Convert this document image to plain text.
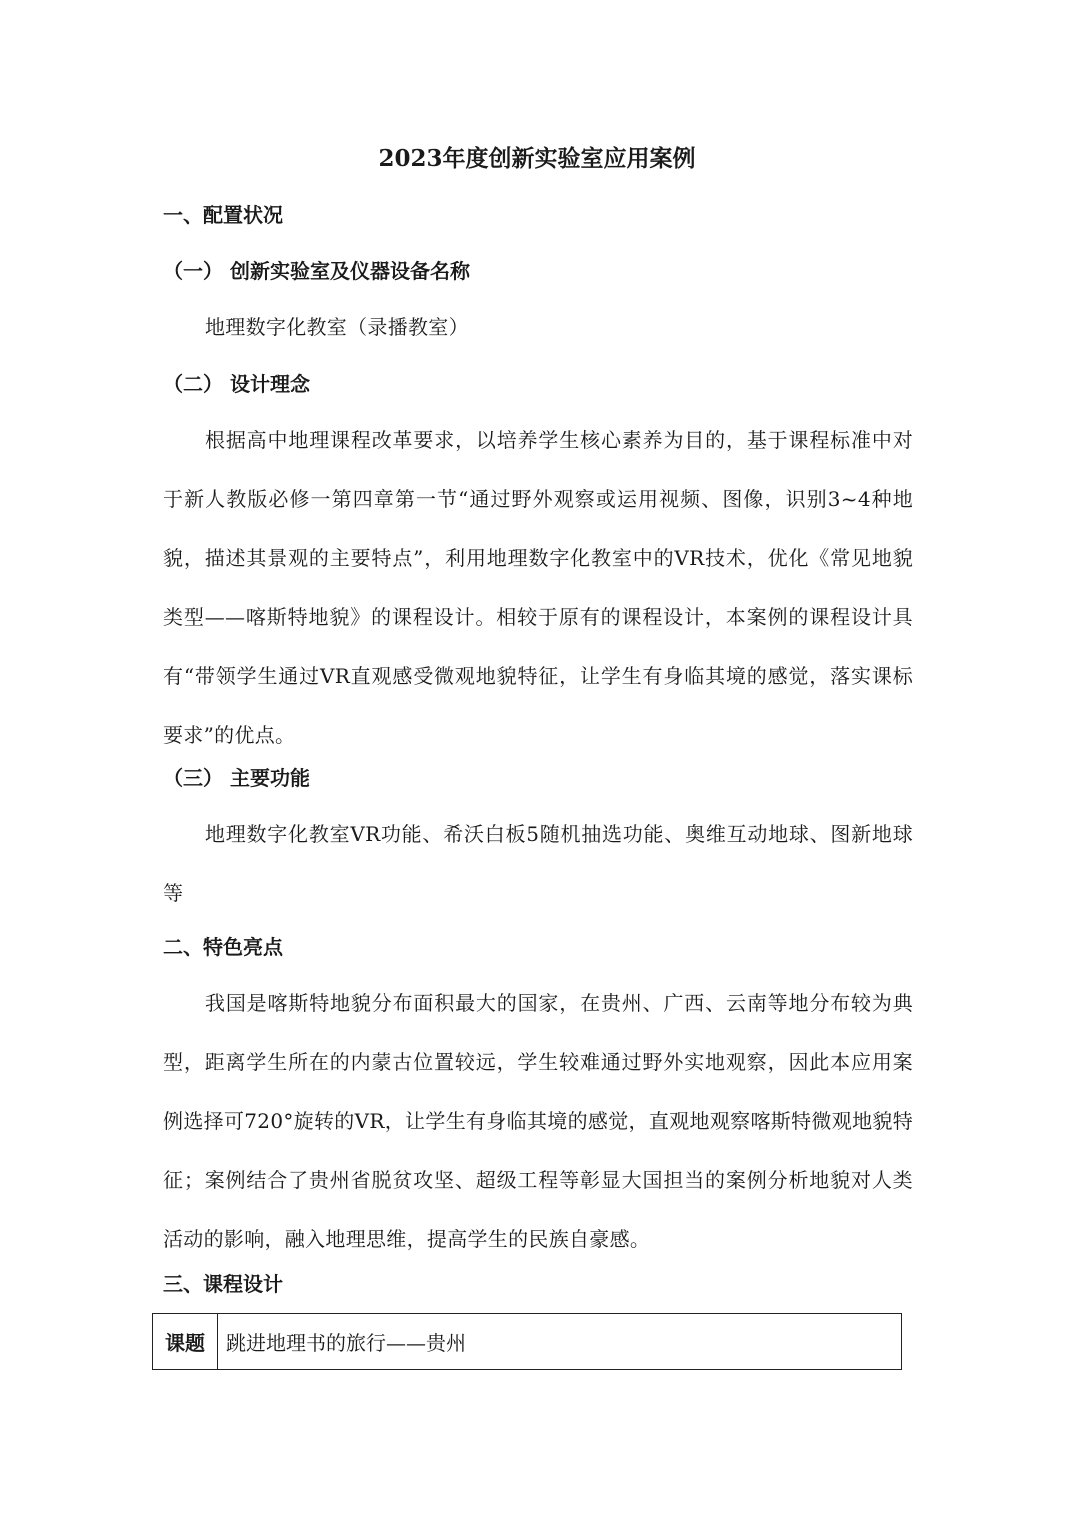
2023年度创新实验室应用案例
一、配置状况
（一） 创新实验室及仪器设备名称
地理数字化教室（录播教室）
（二） 设计理念
根据高中地理课程改革要求，以培养学生核心素养为目的，基于课程标准中对于新人教版必修一第四章第一节“通过野外观察或运用视频、图像，识别3~4种地貌，描述其景观的主要特点”，利用地理数字化教室中的VR技术，优化《常见地貌类型——喀斯特地貌》的课程设计。相较于原有的课程设计，本案例的课程设计具有“带领学生通过VR直观感受微观地貌特征，让学生有身临其境的感觉，落实课标要求”的优点。
（三） 主要功能
地理数字化教室VR功能、希沃白板5随机抽选功能、奥维互动地球、图新地球等
二、特色亮点
我国是喀斯特地貌分布面积最大的国家，在贵州、广西、云南等地分布较为典型，距离学生所在的内蒙古位置较远，学生较难通过野外实地观察，因此本应用案例选择可720°旋转的VR，让学生有身临其境的感觉，直观地观察喀斯特微观地貌特征；案例结合了贵州省脱贫攻坚、超级工程等彰显大国担当的案例分析地貌对人类活动的影响，融入地理思维，提高学生的民族自豪感。
三、课程设计
课题	跳进地理书的旅行——贵州
